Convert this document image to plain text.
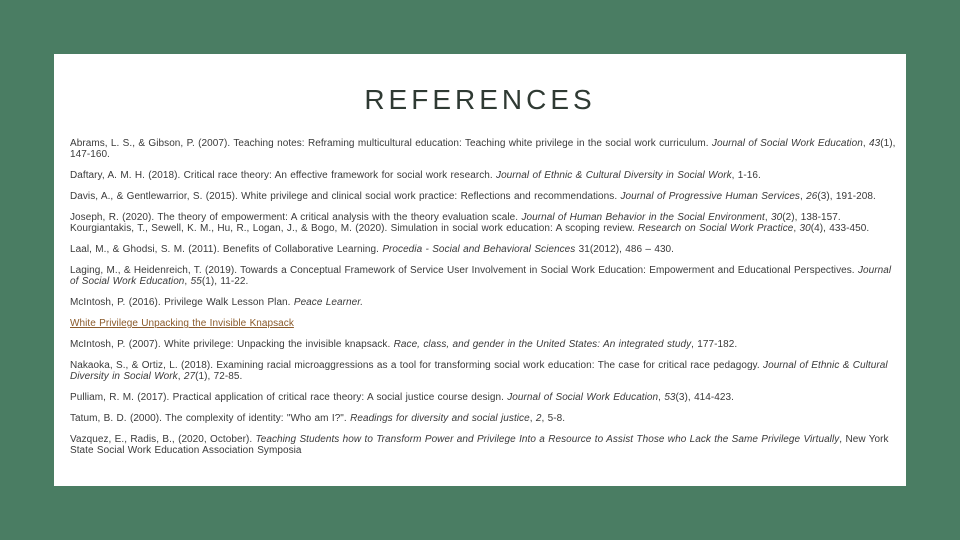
REFERENCES
Abrams, L. S., & Gibson, P. (2007). Teaching notes: Reframing multicultural education: Teaching white privilege in the social work curriculum. Journal of Social Work Education, 43(1), 147-160.
Daftary, A. M. H. (2018). Critical race theory: An effective framework for social work research. Journal of Ethnic & Cultural Diversity in Social Work, 1-16.
Davis, A., & Gentlewarrior, S. (2015). White privilege and clinical social work practice: Reflections and recommendations. Journal of Progressive Human Services, 26(3), 191-208.
Joseph, R. (2020). The theory of empowerment: A critical analysis with the theory evaluation scale. Journal of Human Behavior in the Social Environment, 30(2), 138-157.
Kourgiantakis, T., Sewell, K. M., Hu, R., Logan, J., & Bogo, M. (2020). Simulation in social work education: A scoping review. Research on Social Work Practice, 30(4), 433-450.
Laal, M., & Ghodsi, S. M. (2011). Benefits of Collaborative Learning. Procedia - Social and Behavioral Sciences 31(2012), 486 – 430.
Laging, M., & Heidenreich, T. (2019). Towards a Conceptual Framework of Service User Involvement in Social Work Education: Empowerment and Educational Perspectives. Journal of Social Work Education, 55(1), 11-22.
McIntosh, P. (2016). Privilege Walk Lesson Plan. Peace Learner.
White Privilege Unpacking the Invisible Knapsack
McIntosh, P. (2007). White privilege: Unpacking the invisible knapsack. Race, class, and gender in the United States: An integrated study, 177-182.
Nakaoka, S., & Ortiz, L. (2018). Examining racial microaggressions as a tool for transforming social work education: The case for critical race pedagogy. Journal of Ethnic & Cultural Diversity in Social Work, 27(1), 72-85.
Pulliam, R. M. (2017). Practical application of critical race theory: A social justice course design. Journal of Social Work Education, 53(3), 414-423.
Tatum, B. D. (2000). The complexity of identity: "Who am I?". Readings for diversity and social justice, 2, 5-8.
Vazquez, E., Radis, B., (2020, October). Teaching Students how to Transform Power and Privilege Into a Resource to Assist Those who Lack the Same Privilege Virtually, New York State Social Work Education Association Symposia
